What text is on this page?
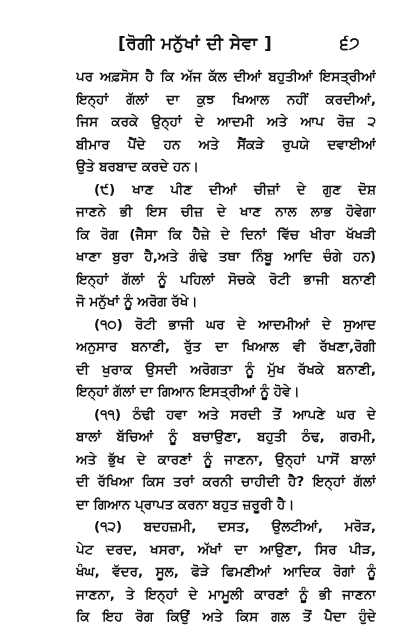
[ਰੋਗੀ ਮਨੁੱਖਾਂ ਦੀ ਸੇਵਾ ]	੬੭
ਪਰ ਅਫ਼ਸੋਸ ਹੈ ਕਿ ਅੱਜ ਕੱਲ ਦੀਆਂ ਬਹੁਤੀਆਂ ਇਸਤ੍ਰੀਆਂ
ਇਨ੍ਹਾਂ ਗੱਲਾਂ ਦਾ ਕੁਝ ਖਿਆਲ ਨਹੀਂ ਕਰਦੀਆਂ,
ਜਿਸ ਕਰਕੇ ਉਨ੍ਹਾਂ ਦੇ ਆਦਮੀ ਅਤੇ ਆਪ ਰੋਜ਼ ੨
ਬੀਮਾਰ ਪੈਂਦੇ ਹਨ ਅਤੇ ਸੈਂਕੜੇ ਰੁਪਯੇ ਦਵਾਈਆਂ
ਉਤੇ ਬਰਬਾਦ ਕਰਦੇ ਹਨ।
(੯) ਖਾਣ ਪੀਣ ਦੀਆਂ ਚੀਜ਼ਾਂ ਦੇ ਗੁਣ ਦੋਸ਼
ਜਾਣਨੇ ਭੀ ਇਸ ਚੀਜ਼ ਦੇ ਖਾਣ ਨਾਲ ਲਾਭ ਹੋਵੇਗਾ
ਕਿ ਰੋਗ (ਜੈਸਾ ਕਿ ਹੈਜ਼ੇ ਦੇ ਦਿਨਾਂ ਵਿੱਚ ਖੀਰਾ ਖੱਖੜੀ
ਖਾਣਾ ਬੁਰਾ ਹੈ,ਅਤੇ ਗੰਢੇ ਤਥਾ ਨਿੰਬੂ ਆਦਿ ਚੰਗੇ ਹਨ)
ਇਨ੍ਹਾਂ ਗੱਲਾਂ ਨੂੰ ਪਹਿਲਾਂ ਸੋਚਕੇ ਰੋਟੀ ਭਾਜੀ ਬਨਾਣੀ
ਜੋ ਮਨੁੱਖਾਂ ਨੂੰ ਅਰੋਗ ਰੱਖੇ।
(੧੦) ਰੋਟੀ ਭਾਜੀ ਘਰ ਦੇ ਆਦਮੀਆਂ ਦੇ ਸੁਆਦ
ਅਨੁਸਾਰ ਬਨਾਣੀ, ਰੁੱਤ ਦਾ ਖਿਆਲ ਵੀ ਰੱਖਣਾ,ਰੋਗੀ
ਦੀ ਖੁਰਾਕ ਉਸਦੀ ਅਰੋਗਤਾ ਨੂੰ ਮੁੱਖ ਰੱਖਕੇ ਬਨਾਣੀ,
ਇਨ੍ਹਾਂ ਗੱਲਾਂ ਦਾ ਗਿਆਨ ਇਸਤ੍ਰੀਆਂ ਨੂੰ ਹੋਵੇ।
(੧੧) ਠੰਢੀ ਹਵਾ ਅਤੇ ਸਰਦੀ ਤੋਂ ਆਪਣੇ ਘਰ ਦੇ
ਬਾਲਾਂ ਬੱਚਿਆਂ ਨੂੰ ਬਚਾਉਣਾ, ਬਹੁਤੀ ਠੰਢ, ਗਰਮੀ,
ਅਤੇ ਭੁੱਖ ਦੇ ਕਾਰਣਾਂ ਨੂੰ ਜਾਣਨਾ, ਉਨ੍ਹਾਂ ਪਾਸੋਂ ਬਾਲਾਂ
ਦੀ ਰੱਖਿਆ ਕਿਸ ਤਰਾਂ ਕਰਨੀ ਚਾਹੀਦੀ ਹੈ? ਇਨ੍ਹਾਂ ਗੱਲਾਂ
ਦਾ ਗਿਆਨ ਪ੍ਰਾਪਤ ਕਰਨਾ ਬਹੁਤ ਜ਼ਰੂਰੀ ਹੈ।
(੧੨) ਬਦਹਜ਼ਮੀ, ਦਸਤ, ਉਲਟੀਆਂ, ਮਰੋੜ,
ਪੇਟ ਦਰਦ, ਖਸਰਾ, ਅੱਖਾਂ ਦਾ ਆਉਣਾ, ਸਿਰ ਪੀੜ,
ਖੰਘ, ਵੱਦਰ, ਸੂਲ, ਫੋੜੇ ਫਿਮਣੀਆਂ ਆਦਿਕ ਰੋਗਾਂ ਨੂੰ
ਜਾਣਨਾ, ਤੇ ਇਨ੍ਹਾਂ ਦੇ ਮਾਮੂਲੀ ਕਾਰਣਾਂ ਨੂੰ ਭੀ ਜਾਣਨਾ
ਕਿ ਇਹ ਰੋਗ ਕਿਉਂ ਅਤੇ ਕਿਸ ਗਲ ਤੋਂ ਪੈਦਾ ਹੁੰਦੇ
